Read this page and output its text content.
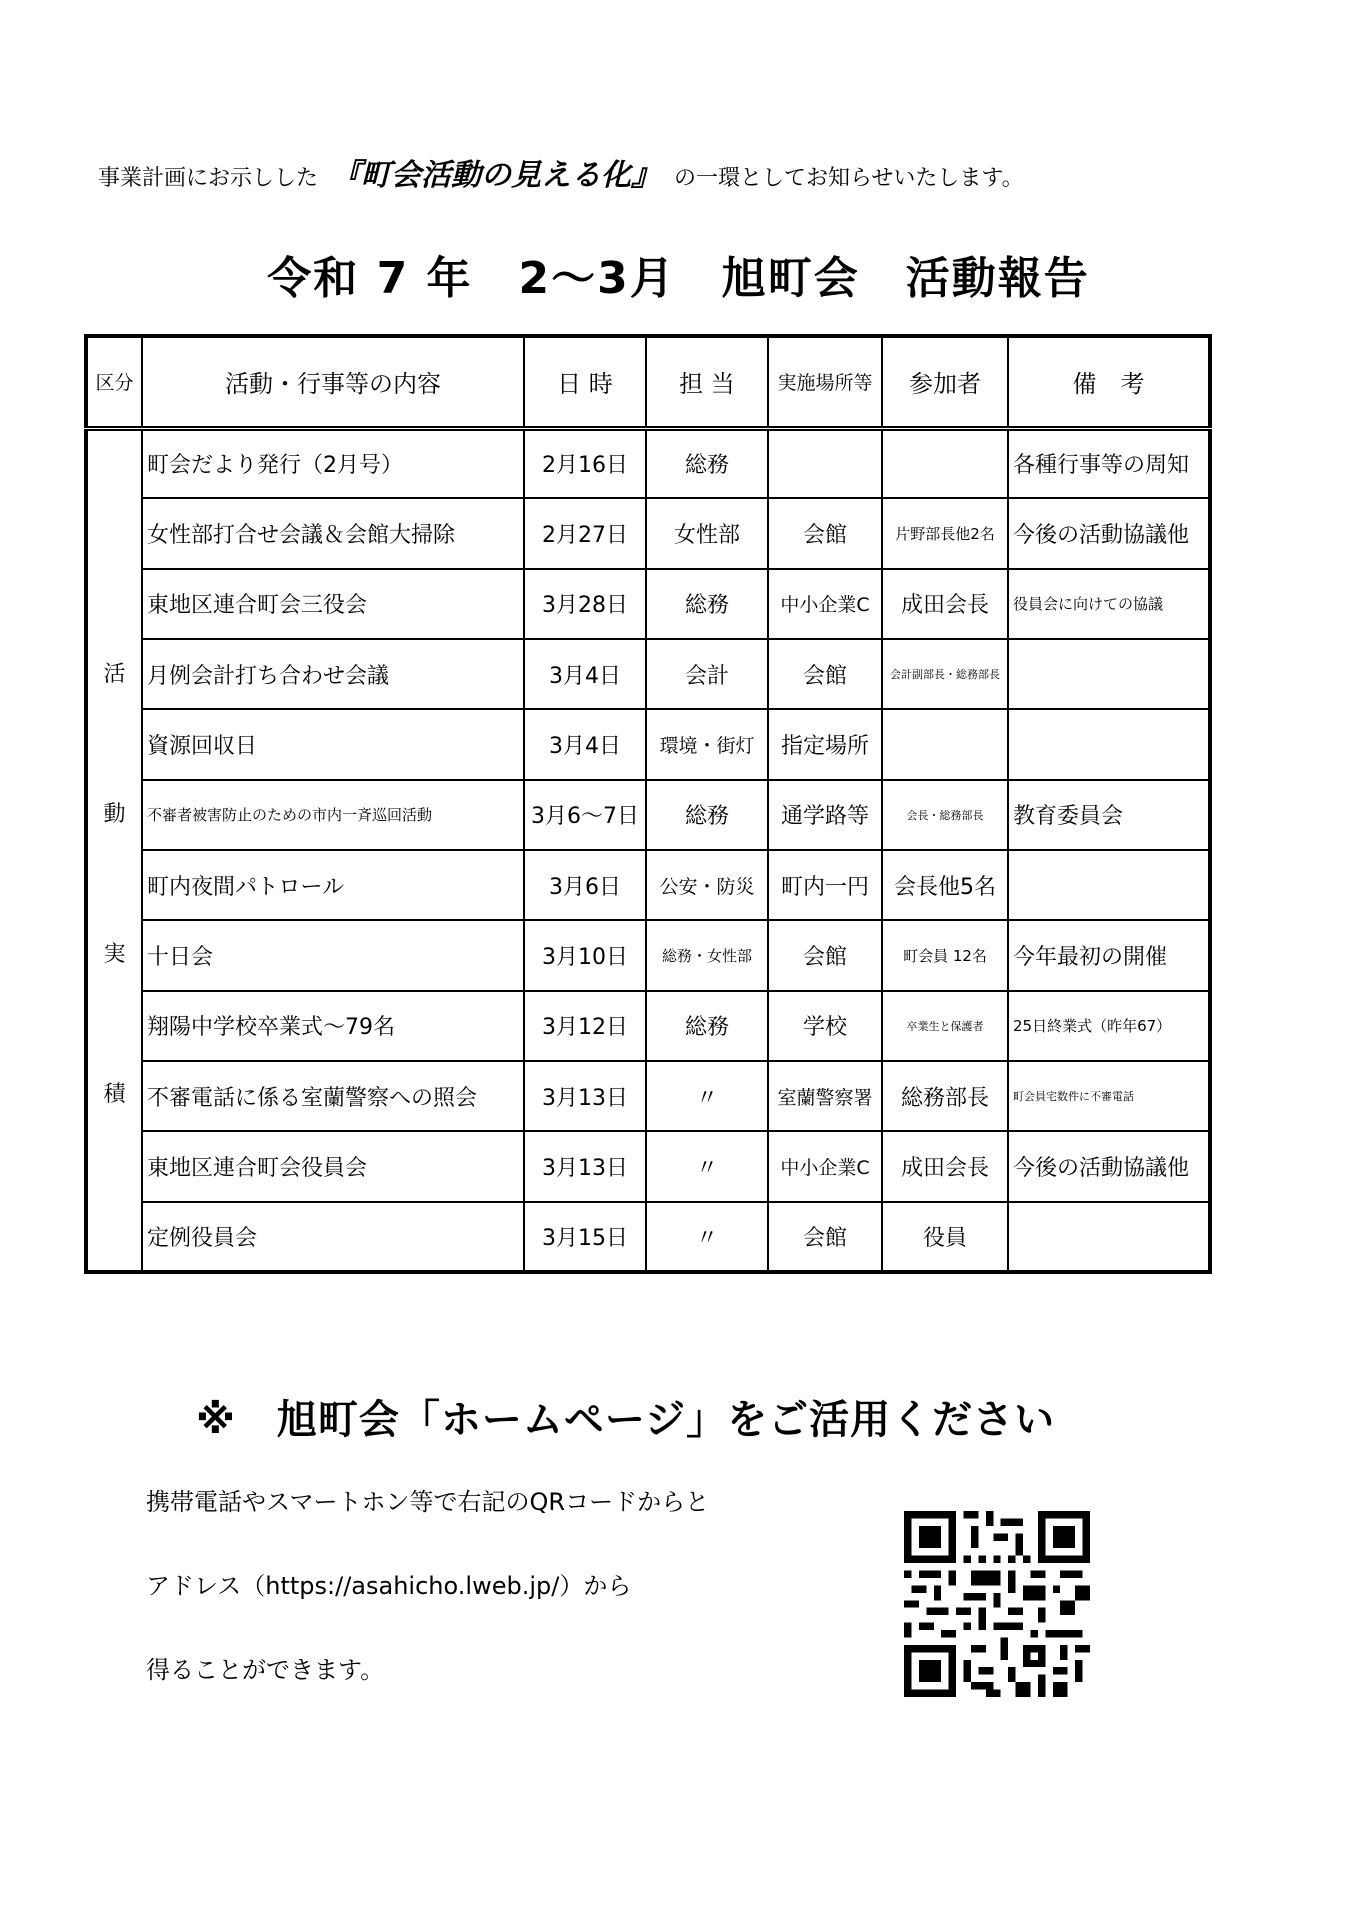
事業計画にお示しした 『町会活動の見える化』 の一環としてお知らせいたします。
令和 7 年　2～3月　旭町会　活動報告
区分	活動・行事等の内容	日 時	担 当	実施場所等	参加者	備　考

活
動
実
積	町会だより発行（2月号）	2月16日	総務			各種行事等の周知
	女性部打合せ会議＆会館大掃除	2月27日	女性部	会館	片野部長他2名	今後の活動協議他
	東地区連合町会三役会	3月28日	総務	中小企業C	成田会長	役員会に向けての協議
	月例会計打ち合わせ会議	3月4日	会計	会館	会計副部長・総務部長	
	資源回収日	3月4日	環境・街灯	指定場所		
	不審者被害防止のための市内一斉巡回活動	3月6～7日	総務	通学路等	会長・総務部長	教育委員会
	町内夜間パトロール	3月6日	公安・防災	町内一円	会長他5名	
	十日会	3月10日	総務・女性部	会館	町会員 12名	今年最初の開催
	翔陽中学校卒業式～79名	3月12日	総務	学校	卒業生と保護者	25日終業式（昨年67）
	不審電話に係る室蘭警察への照会	3月13日	〃	室蘭警察署	総務部長	町会員宅数件に不審電話
	東地区連合町会役員会	3月13日	〃	中小企業C	成田会長	今後の活動協議他
	定例役員会	3月15日	〃	会館	役員	
※　旭町会「ホームページ」をご活用ください
携帯電話やスマートホン等で右記のQRコードからと
アドレス（https://asahicho.lweb.jp/）から
得ることができます。
